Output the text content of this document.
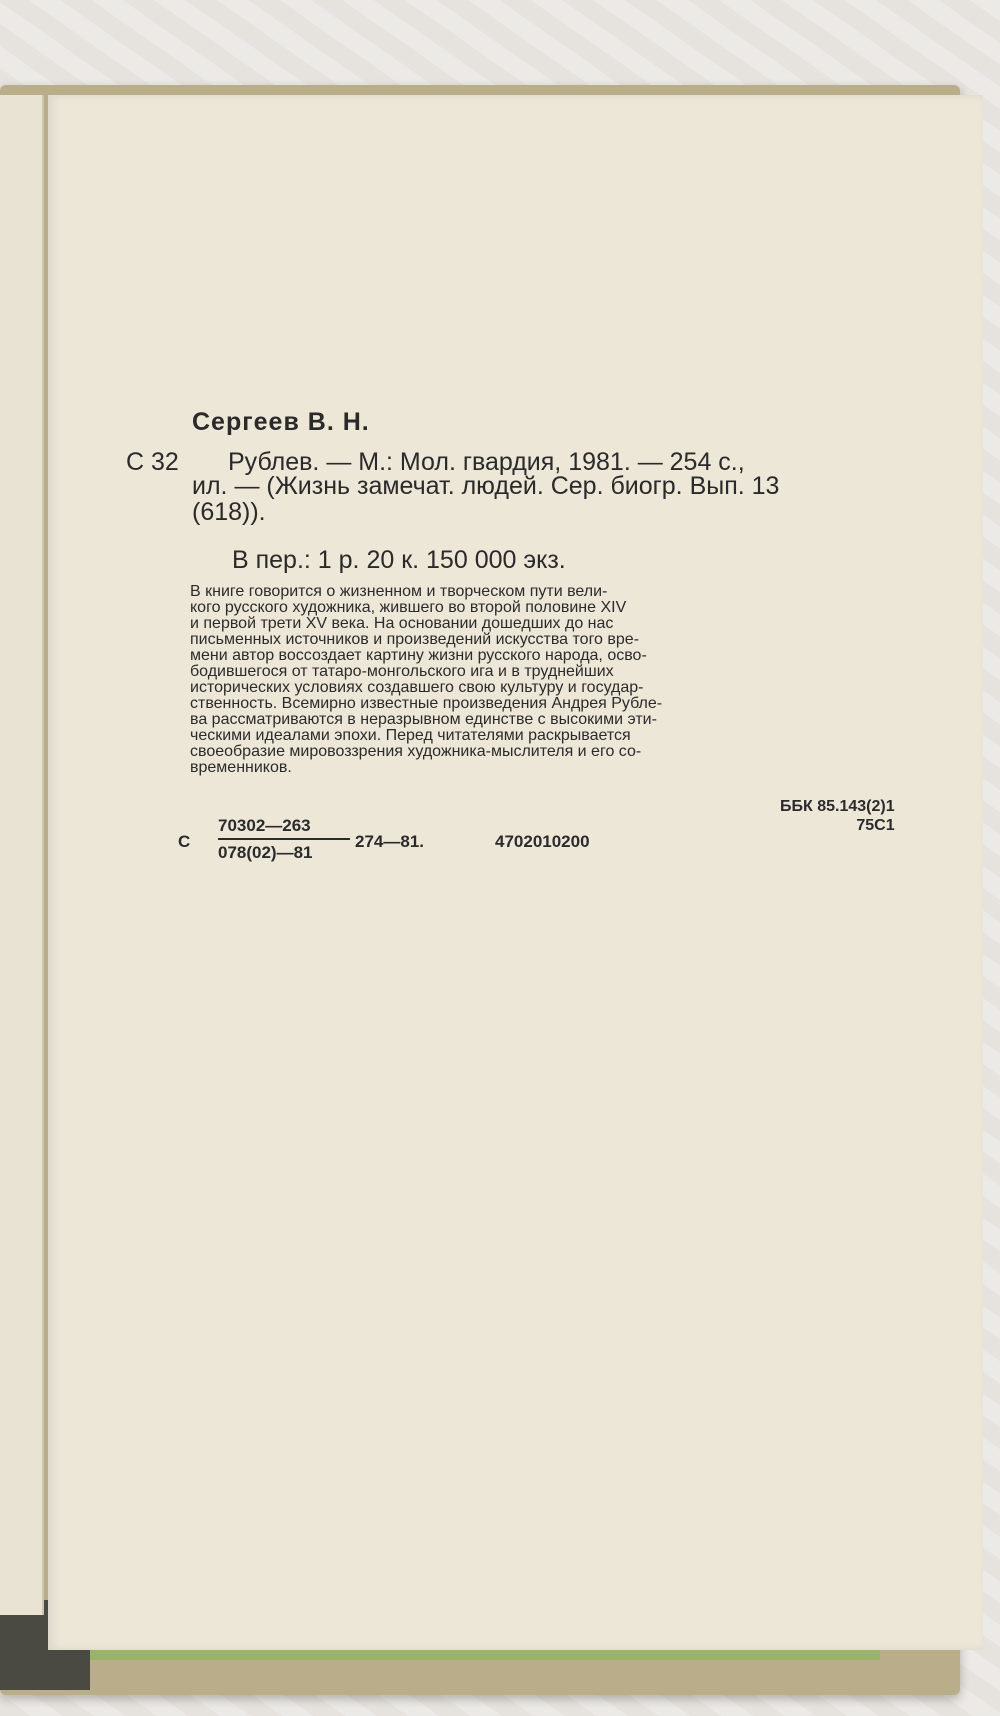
Сергеев В. Н.
С 32 Рублев. — М.: Мол. гвардия, 1981. — 254 с.,
ил. — (Жизнь замечат. людей. Сер. биогр. Вып. 13
(618)).
В пер.: 1 р. 20 к. 150 000 экз.
В книге говорится о жизненном и творческом пути вели-
кого русского художника, жившего во второй половине XIV
и первой трети XV века. На основании дошедших до нас
письменных источников и произведений искусства того вре-
мени автор воссоздает картину жизни русского народа, осво-
бодившегося от татаро-монгольского ига и в труднейших
исторических условиях создавшего свою культуру и государ-
ственность. Всемирно известные произведения Андрея Рубле-
ва рассматриваются в неразрывном единстве с высокими эти-
ческими идеалами эпохи. Перед читателями раскрывается
своеобразие мировоззрения художника-мыслителя и его со-
временников.
ББК 85.143(2)1
75С1
С
70302—263
078(02)—81
274—81.	4702010200
